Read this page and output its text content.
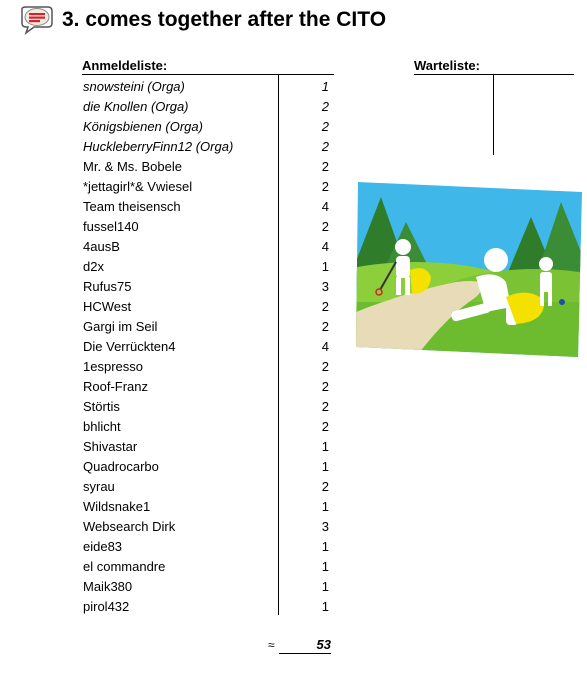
3. comes together after the CITO
Anmeldeliste:
snowsteini (Orga)	1
die Knollen (Orga)	2
Königsbienen (Orga)	2
HuckleberryFinn12 (Orga)	2
Mr. & Ms. Bobele	2
*jettagirl*& Vwiesel	2
Team theisensch	4
fussel140	2
4ausB	4
d2x	1
Rufus75	3
HCWest	2
Gargi im Seil	2
Die Verrückten4	4
1espresso	2
Roof-Franz	2
Störtis	2
bhlicht	2
Shivastar	1
Quadrocarbo	1
syrau	2
Wildsnake1	1
Websearch Dirk	3
eide83	1
el commandre	1
Maik380	1
pirol432	1
≈	53
Warteliste:
